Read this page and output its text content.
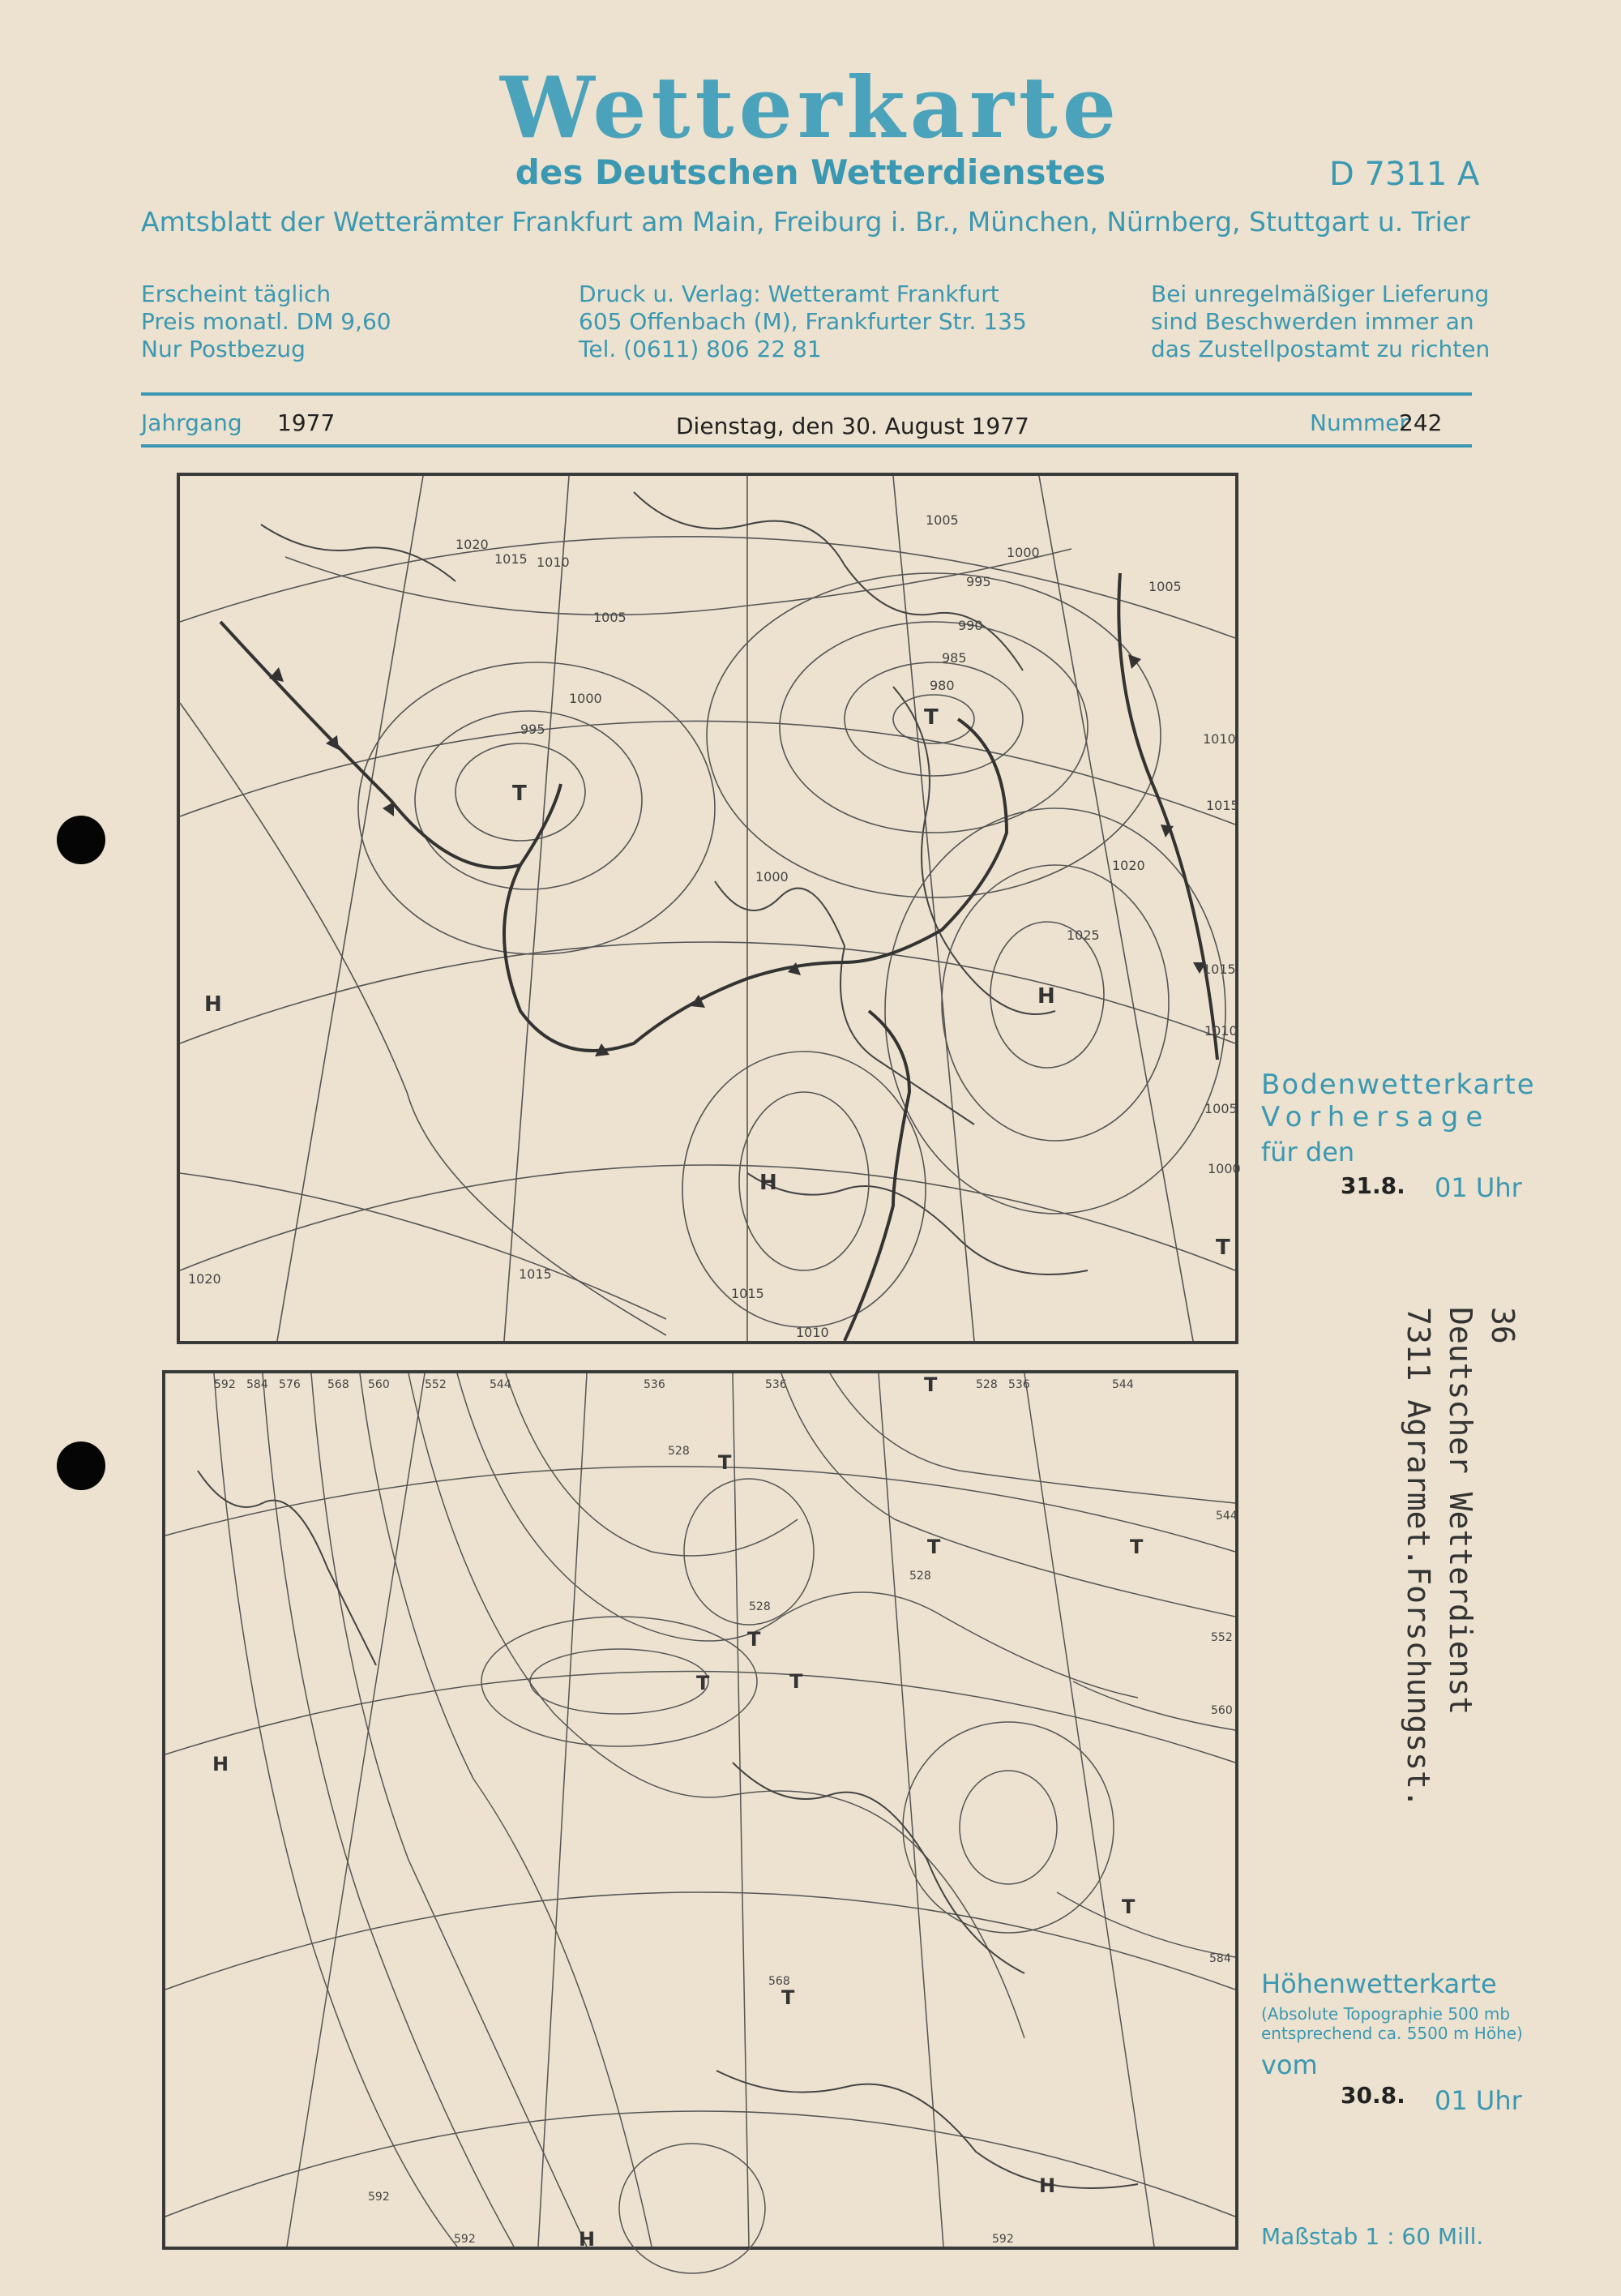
Wetterkarte
des Deutschen Wetterdienstes	D 7311 A
Amtsblatt der Wetterämter Frankfurt am Main, Freiburg i. Br., München, Nürnberg, Stuttgart u. Trier
Erscheint täglich
Preis monatl. DM 9,60
Nur Postbezug
Druck u. Verlag: Wetteramt Frankfurt
605 Offenbach (M), Frankfurter Str. 135
Tel. (0611) 806 22 81
Bei unregelmäßiger Lieferung
sind Beschwerden immer an
das Zustellpostamt zu richten
Jahrgang 1977	Dienstag, den 30. August 1977	Nummer
242
H	H
H
T
T
T
1020
1015 1010
1005
1000
995
1000
1005
1000
995
990
985
980
1005
1010
1015
1020
1025
1015
1010
1005
1000
1020	1015
1015
1010
Bodenwetterkarte
Vorhersage
für den
31.8. 01 Uhr
H
H
H
T
T
T
T
T	T
T
T
T
592 584 576 568 560	552	544	536	536	528 536	544
528
528
528
544
552
560
568
584
592
592	592
Höhenwetterkarte
(Absolute Topographie 500 mb
entsprechend ca. 5500 m Höhe)
vom
30.8. 01 Uhr
Maßstab 1 : 60 Mill.
36
Deutscher Wetterdienst
7311 Agrarmet.Forschungsst.
